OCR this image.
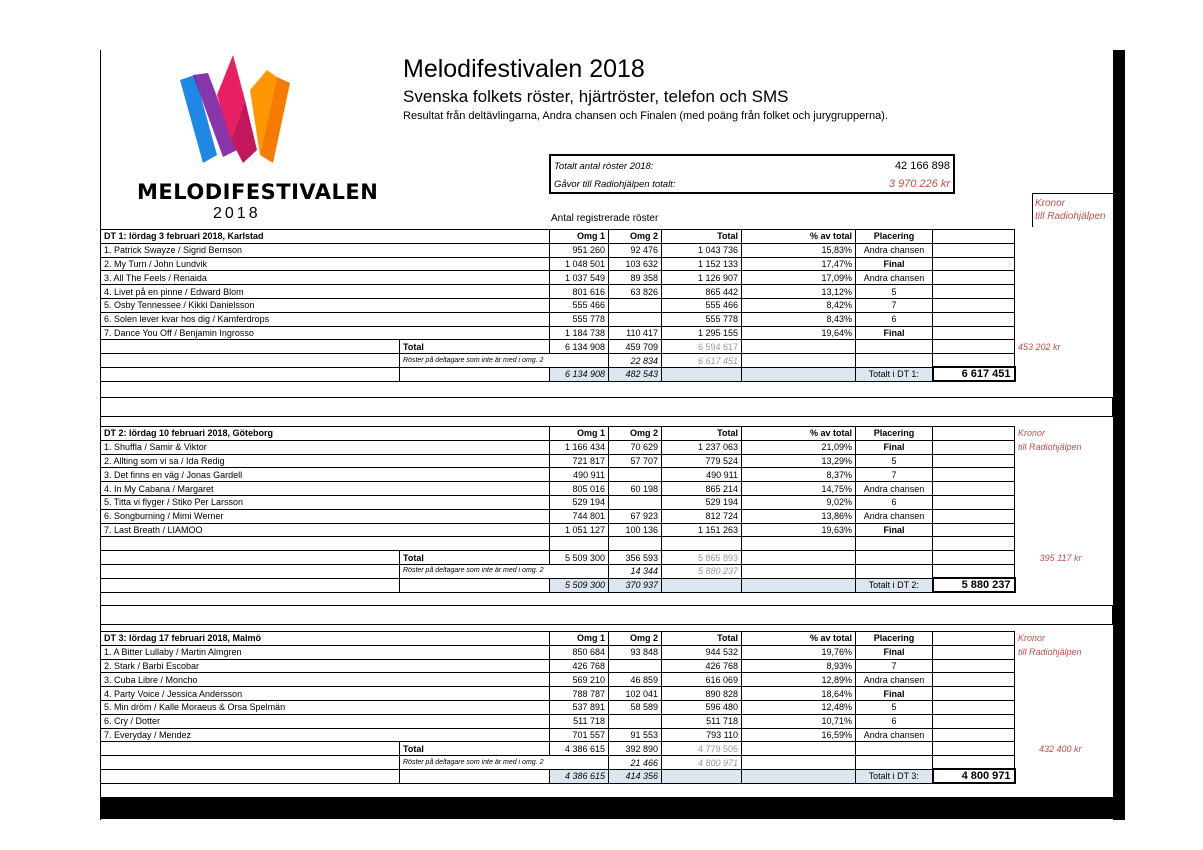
MELODIFESTIVALEN
2018
Melodifestivalen 2018
Svenska folkets röster, hjärtröster, telefon och SMS
Resultat från deltävlingarna, Andra chansen och Finalen (med poäng från folket och jurygrupperna).
Totalt antal röster 2018:	42 166 898
Gåvor till Radiohjälpen totalt:	3 970 226 kr
Kronor
till Radiohjälpen
Antal registrerade röster
DT 1: lördag 3 februari 2018, Karlstad		Omg 1	Omg 2	Total	% av total	Placering		
1. Patrick Swayze / Sigrid Bernson		951 260	92 476	1 043 736	15,83%	Andra chansen		
2. My Turn / John Lundvik		1 048 501	103 632	1 152 133	17,47%	Final		
3. All The Feels / Renaida		1 037 549	89 358	1 126 907	17,09%	Andra chansen		
4. Livet på en pinne / Edward Blom		801 616	63 826	865 442	13,12%	5		
5. Osby Tennessee / Kikki Danielsson		555 466		555 466	8,42%	7		
6. Solen lever kvar hos dig / Kamferdrops		555 778		555 778	8,43%	6		
7. Dance You Off / Benjamin Ingrosso		1 184 738	110 417	1 295 155	19,64%	Final		
	Total	6 134 908	459 709	6 594 617				453 202 kr
	Röster på deltagare som inte är med i omg. 2		22 834	6 617 451				
		6 134 908	482 543			Totalt i DT 1:	6 617 451	
DT 2: lördag 10 februari 2018, Göteborg		Omg 1	Omg 2	Total	% av total	Placering		Kronor
1. Shuffla / Samir & Viktor		1 166 434	70 629	1 237 063	21,09%	Final		till Radiohjälpen
2. Allting som vi sa / Ida Redig		721 817	57 707	779 524	13,29%	5		
3. Det finns en väg / Jonas Gardell		490 911		490 911	8,37%	7		
4. In My Cabana / Margaret		805 016	60 198	865 214	14,75%	Andra chansen		
5. Titta vi flyger / Stiko Per Larsson		529 194		529 194	9,02%	6		
6. Songburning / Mimi Werner		744 801	67 923	812 724	13,86%	Andra chansen		
7. Last Breath / LIAMOO		1 051 127	100 136	1 151 263	19,63%	Final		

	Total	5 509 300	356 593	5 865 893				395 117 kr
	Röster på deltagare som inte är med i omg. 2		14 344	5 880 237				
		5 509 300	370 937			Totalt i DT 2:	5 880 237	
DT 3: lördag 17 februari 2018, Malmö		Omg 1	Omg 2	Total	% av total	Placering		Kronor
1. A Bitter Lullaby / Martin Almgren		850 684	93 848	944 532	19,76%	Final		till Radiohjälpen
2. Stark / Barbi Escobar		426 768		426 768	8,93%	7		
3. Cuba Libre / Moncho		569 210	46 859	616 069	12,89%	Andra chansen		
4. Party Voice / Jessica Andersson		788 787	102 041	890 828	18,64%	Final		
5. Min dröm / Kalle Moraeus & Orsa Spelmän		537 891	58 589	596 480	12,48%	5		
6. Cry / Dotter		511 718		511 718	10,71%	6		
7. Everyday / Mendez		701 557	91 553	793 110	16,59%	Andra chansen		
	Total	4 386 615	392 890	4 779 505				432 400 kr
	Röster på deltagare som inte är med i omg. 2		21 466	4 800 971				
		4 386 615	414 356			Totalt i DT 3:	4 800 971	
